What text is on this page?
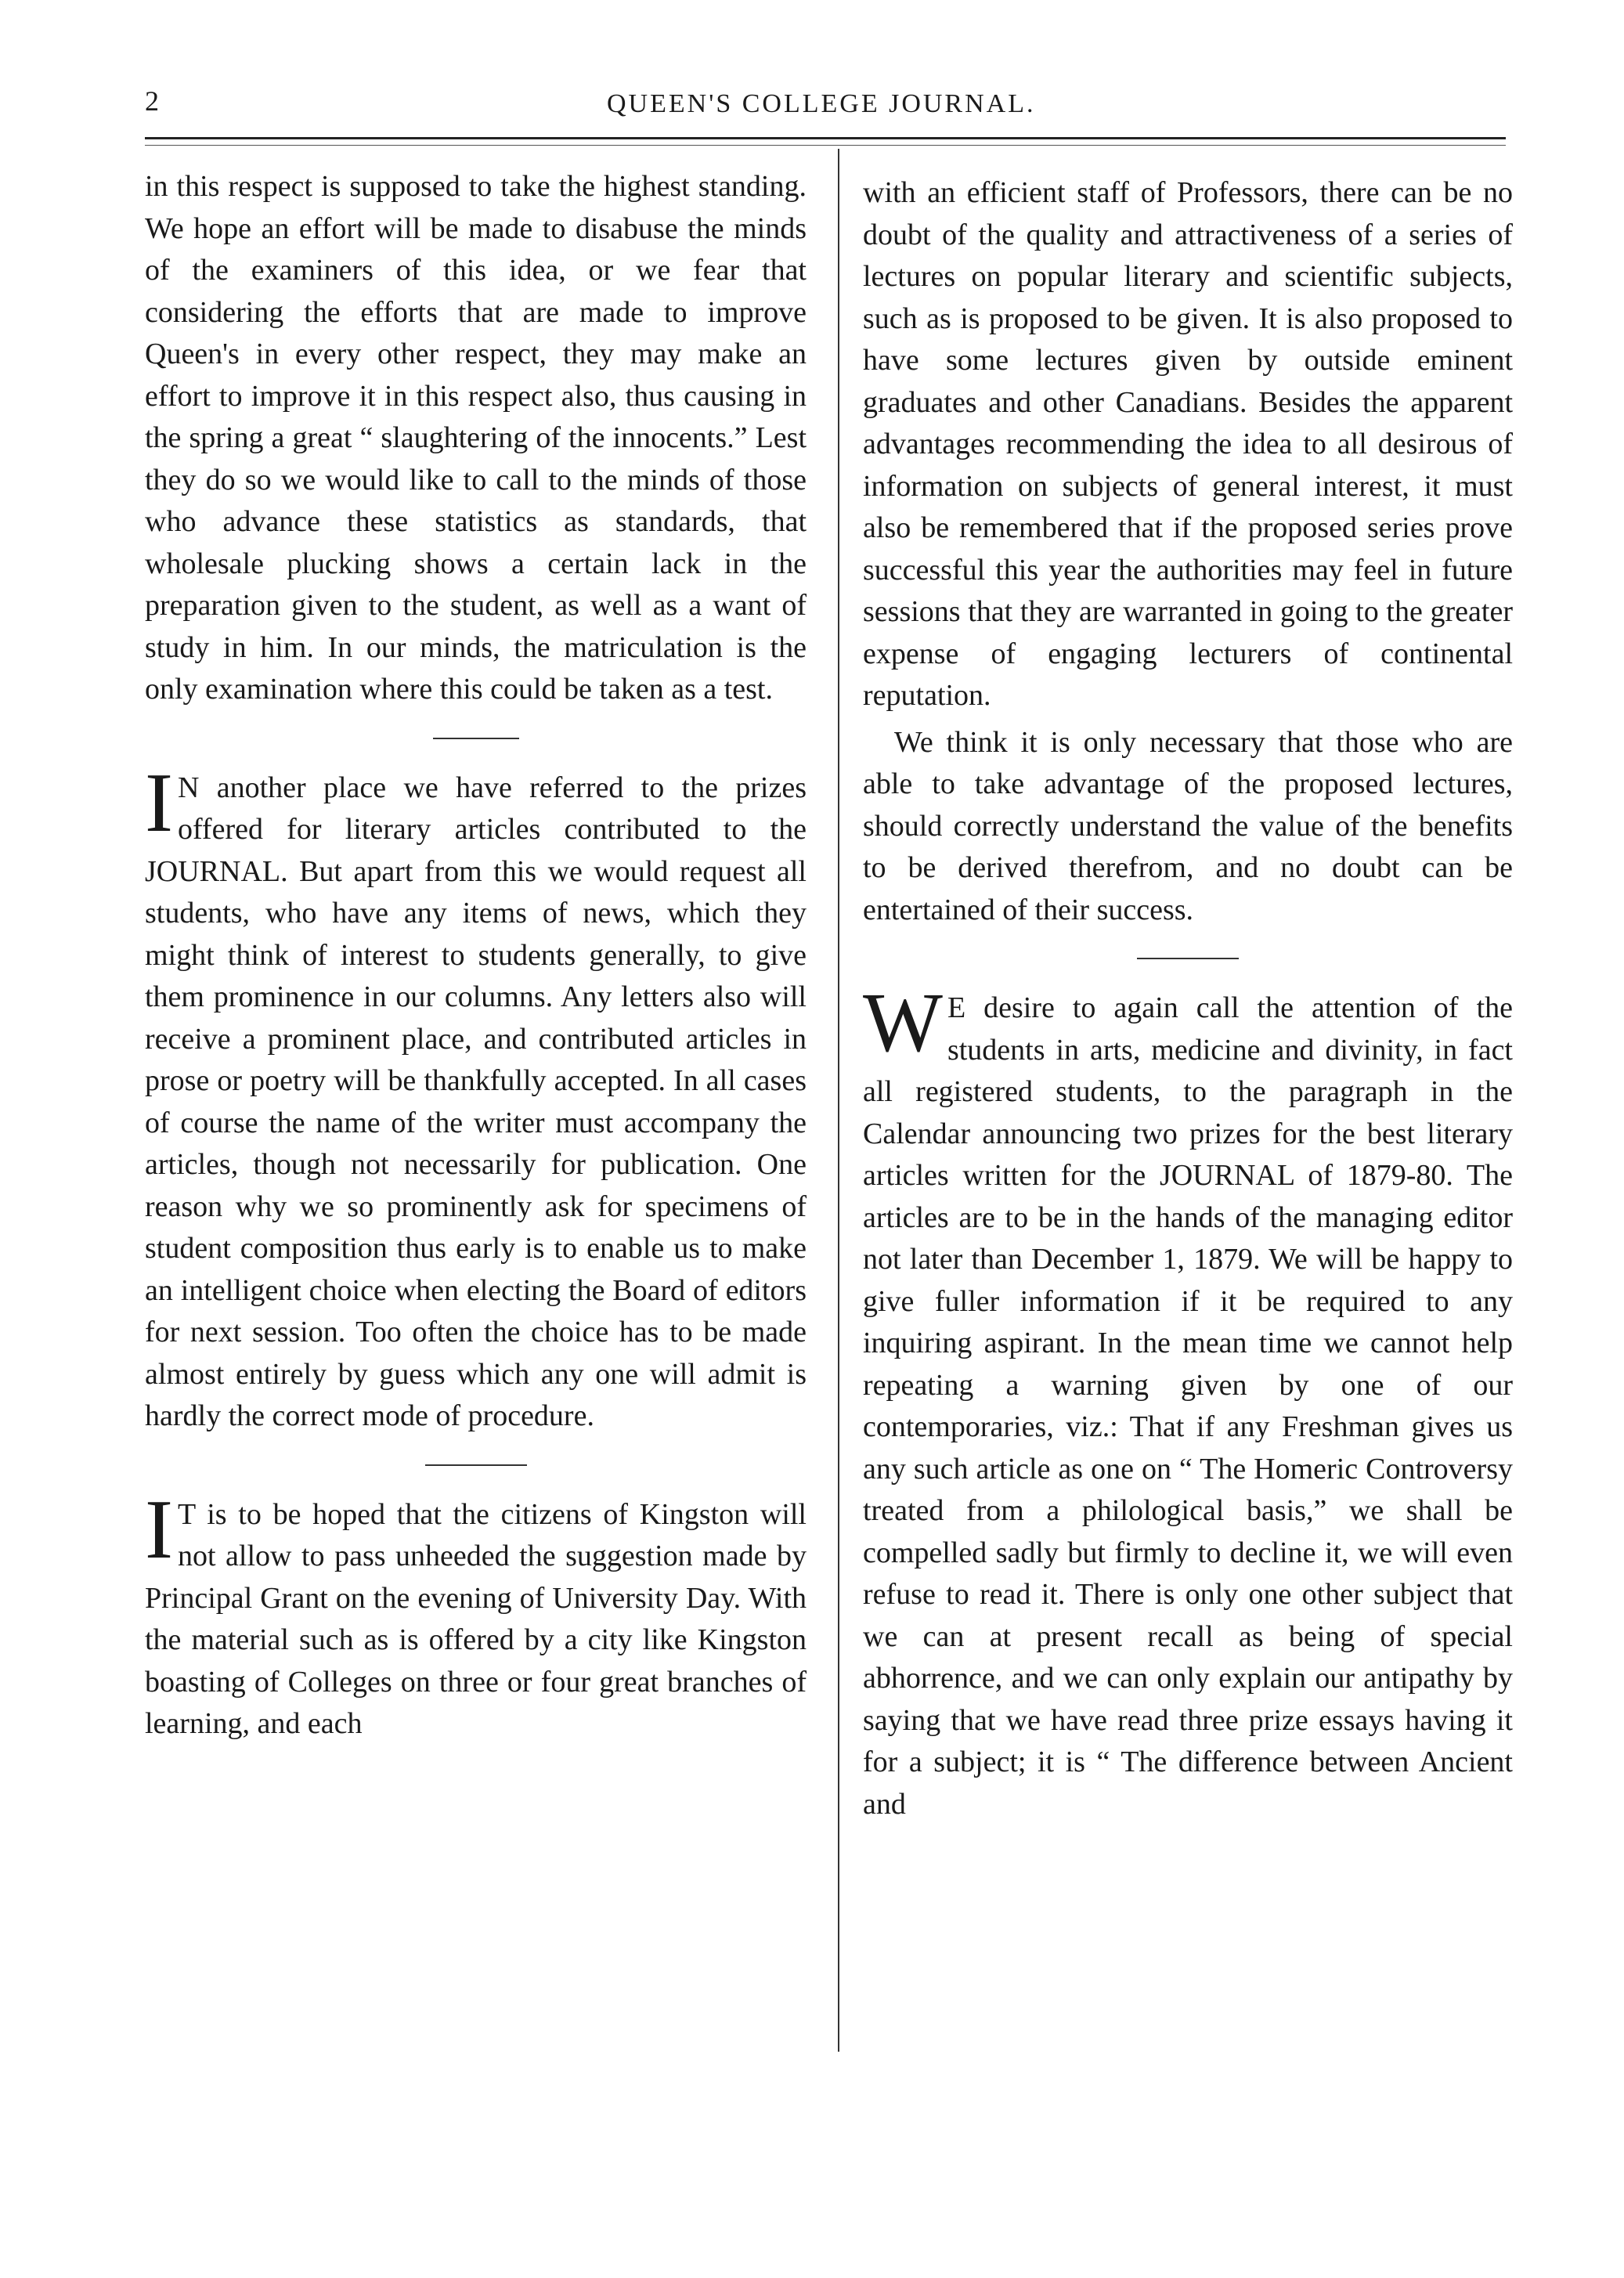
2	QUEEN'S COLLEGE JOURNAL.

in this respect is supposed to take the highest standing. We hope an effort will be made to disabuse the minds of the examiners of this idea, or we fear that considering the efforts that are made to improve Queen's in every other respect, they may make an effort to improve it in this respect also, thus causing in the spring a great “ slaughtering of the innocents.” Lest they do so we would like to call to the minds of those who advance these statistics as standards, that wholesale plucking shows a certain lack in the preparation given to the student, as well as a want of study in him. In our minds, the matriculation is the only examination where this could be taken as a test.

IN another place we have referred to the prizes offered for literary articles contributed to the JOURNAL. But apart from this we would request all students, who have any items of news, which they might think of interest to students generally, to give them prominence in our columns. Any letters also will receive a prominent place, and contributed articles in prose or poetry will be thankfully accepted. In all cases of course the name of the writer must accompany the articles, though not necessarily for publication. One reason why we so prominently ask for specimens of student composition thus early is to enable us to make an intelligent choice when electing the Board of editors for next session. Too often the choice has to be made almost entirely by guess which any one will admit is hardly the correct mode of procedure.

IT is to be hoped that the citizens of Kingston will not allow to pass unheeded the suggestion made by Principal Grant on the evening of University Day. With the material such as is offered by a city like Kingston boasting of Colleges on three or four great branches of learning, and each

with an efficient staff of Professors, there can be no doubt of the quality and attractiveness of a series of lectures on popular literary and scientific subjects, such as is proposed to be given. It is also proposed to have some lectures given by outside eminent graduates and other Canadians. Besides the apparent advantages recommending the idea to all desirous of information on subjects of general interest, it must also be remembered that if the proposed series prove successful this year the authorities may feel in future sessions that they are warranted in going to the greater expense of engaging lecturers of continental reputation.

We think it is only necessary that those who are able to take advantage of the proposed lectures, should correctly understand the value of the benefits to be derived therefrom, and no doubt can be entertained of their success.

WE desire to again call the attention of the students in arts, medicine and divinity, in fact all registered students, to the paragraph in the Calendar announcing two prizes for the best literary articles written for the JOURNAL of 1879-80. The articles are to be in the hands of the managing editor not later than December 1, 1879. We will be happy to give fuller information if it be required to any inquiring aspirant. In the mean time we cannot help repeating a warning given by one of our contemporaries, viz.: That if any Freshman gives us any such article as one on “ The Homeric Controversy treated from a philological basis,” we shall be compelled sadly but firmly to decline it, we will even refuse to read it. There is only one other subject that we can at present recall as being of special abhorrence, and we can only explain our antipathy by saying that we have read three prize essays having it for a subject; it is “ The difference between Ancient and
